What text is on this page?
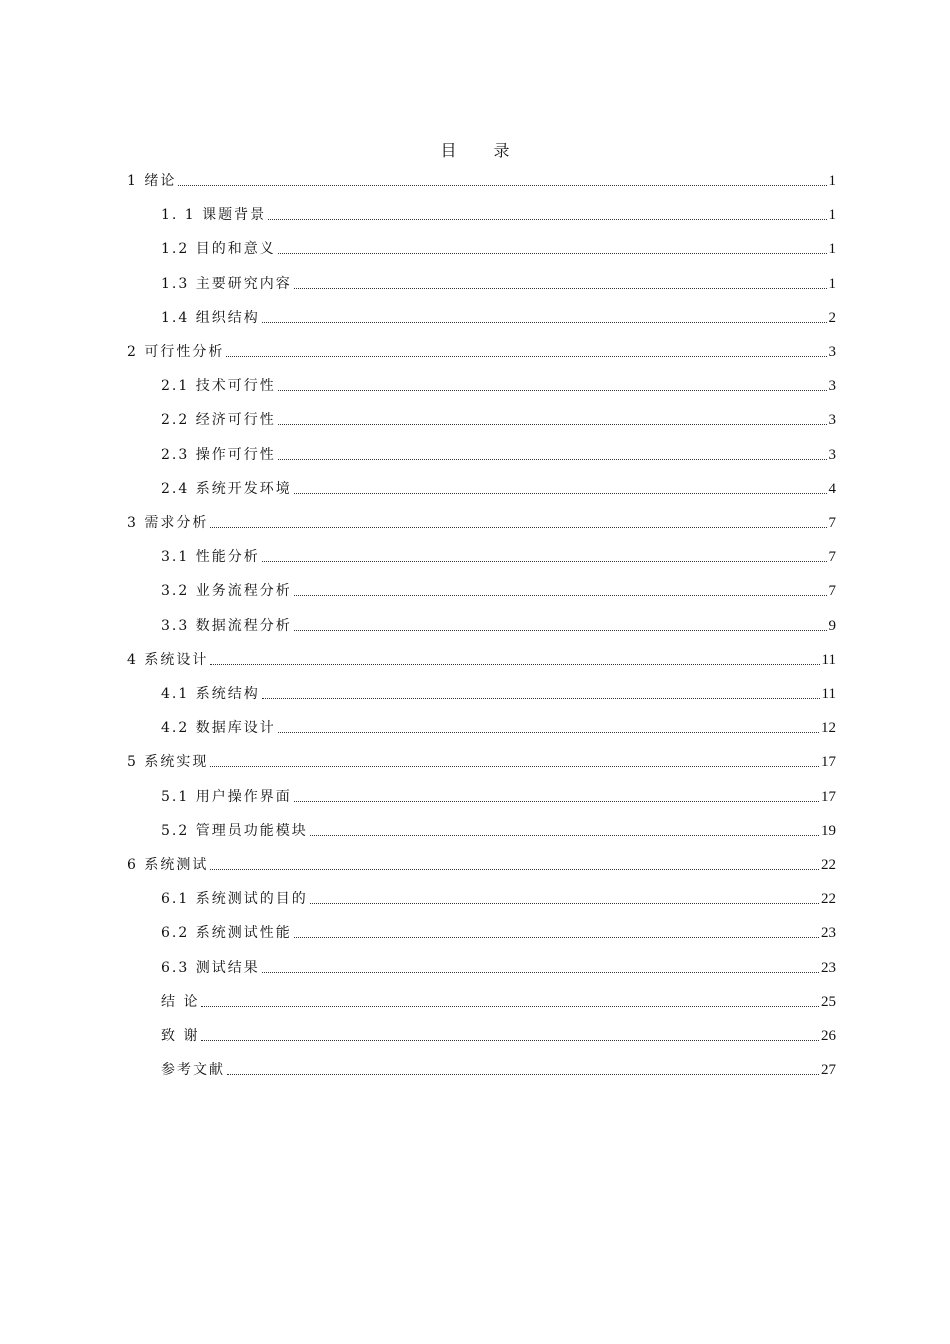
目 录
1 绪论	1
1. 1 课题背景	1
1.2 目的和意义	1
1.3 主要研究内容	1
1.4 组织结构	2
2 可行性分析	3
2.1 技术可行性	3
2.2 经济可行性	3
2.3 操作可行性	3
2.4 系统开发环境	4
3 需求分析	7
3.1 性能分析	7
3.2 业务流程分析	7
3.3 数据流程分析	9
4 系统设计	11
4.1 系统结构	11
4.2 数据库设计	12
5 系统实现	17
5.1 用户操作界面	17
5.2 管理员功能模块	19
6 系统测试	22
6.1 系统测试的目的	22
6.2 系统测试性能	23
6.3 测试结果	23
结 论	25
致 谢	26
参考文献	27
